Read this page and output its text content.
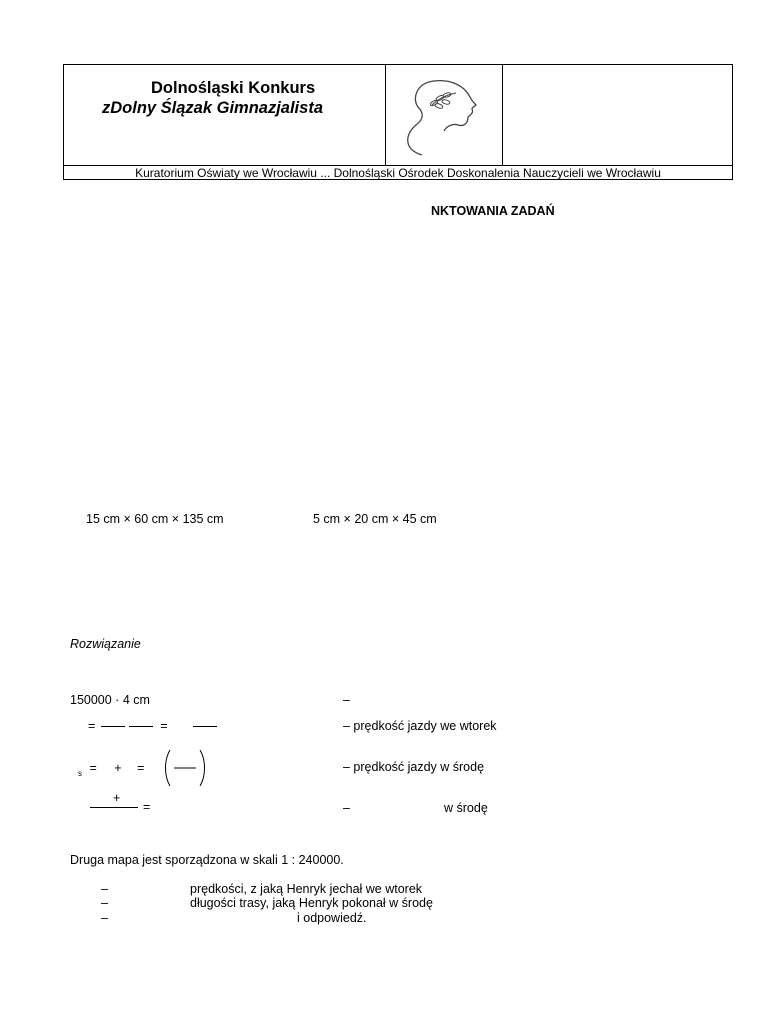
Dolnośląski Konkurs
zDolny Ślązak Gimnazjalista
Kuratorium Oświaty we Wrocławiu ... Dolnośląski Ośrodek Doskonalenia Nauczycieli we Wrocławiu
NKTOWANIA ZADAŃ
15 cm × 60 cm × 135 cm	5 cm × 20 cm × 45 cm
Rozwiązanie
150000 · 4 cm	–
=	=	– prędkość jazdy we wtorek
$_s$ = + =	– prędkość jazdy w środę
+
=	–	w środę
Druga mapa jest sporządzona w skali 1 : 240000.
–	prędkości, z jaką Henryk jechał we wtorek
–	długości trasy, jaką Henryk pokonał w środę
–	i odpowiedź.
